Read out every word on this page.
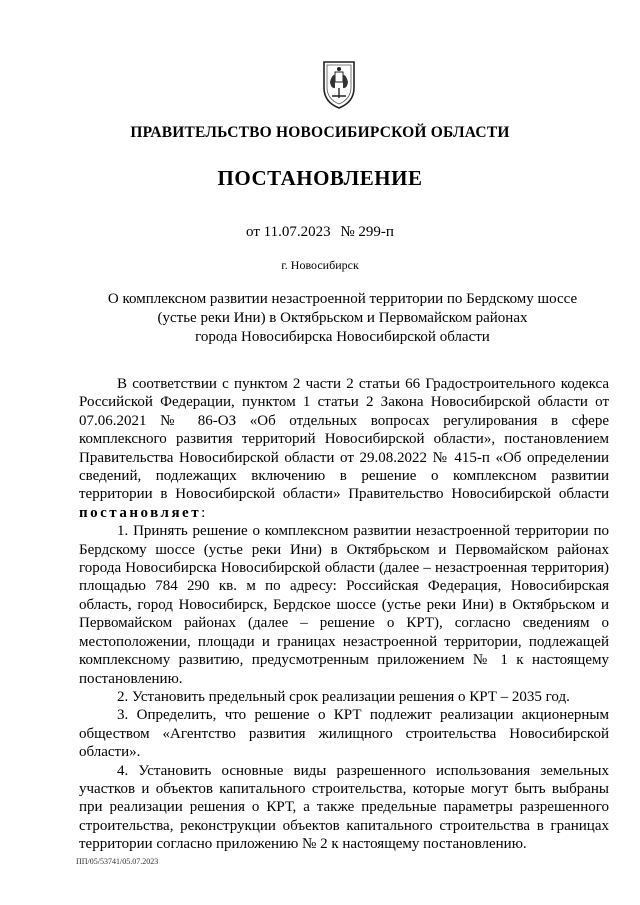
ПРАВИТЕЛЬСТВО НОВОСИБИРСКОЙ ОБЛАСТИ
ПОСТАНОВЛЕНИЕ
от 11.07.2023 № 299-п
г. Новосибирск
О комплексном развитии незастроенной территории по Бердскому шоссе
(устье реки Ини) в Октябрьском и Первомайском районах
города Новосибирска Новосибирской области

В соответствии с пунктом 2 части 2 статьи 66 Градостроительного кодекса Российской Федерации, пунктом 1 статьи 2 Закона Новосибирской области от 07.06.2021 № 86-ОЗ «Об отдельных вопросах регулирования в сфере комплексного развития территорий Новосибирской области», постановлением Правительства Новосибирской области от 29.08.2022 № 415-п «Об определении сведений, подлежащих включению в решение о комплексном развитии территории в Новосибирской области» Правительство Новосибирской области постановляет:

1. Принять решение о комплексном развитии незастроенной территории по Бердскому шоссе (устье реки Ини) в Октябрьском и Первомайском районах города Новосибирска Новосибирской области (далее – незастроенная территория) площадью 784 290 кв. м по адресу: Российская Федерация, Новосибирская область, город Новосибирск, Бердское шоссе (устье реки Ини) в Октябрьском и Первомайском районах (далее – решение о КРТ), согласно сведениям о местоположении, площади и границах незастроенной территории, подлежащей комплексному развитию, предусмотренным приложением № 1 к настоящему постановлению.

2. Установить предельный срок реализации решения о КРТ – 2035 год.

3. Определить, что решение о КРТ подлежит реализации акционерным обществом «Агентство развития жилищного строительства Новосибирской области».

4. Установить основные виды разрешенного использования земельных участков и объектов капитального строительства, которые могут быть выбраны при реализации решения о КРТ, а также предельные параметры разрешенного строительства, реконструкции объектов капитального строительства в границах территории согласно приложению № 2 к настоящему постановлению.

ПП/05/53741/05.07.2023
